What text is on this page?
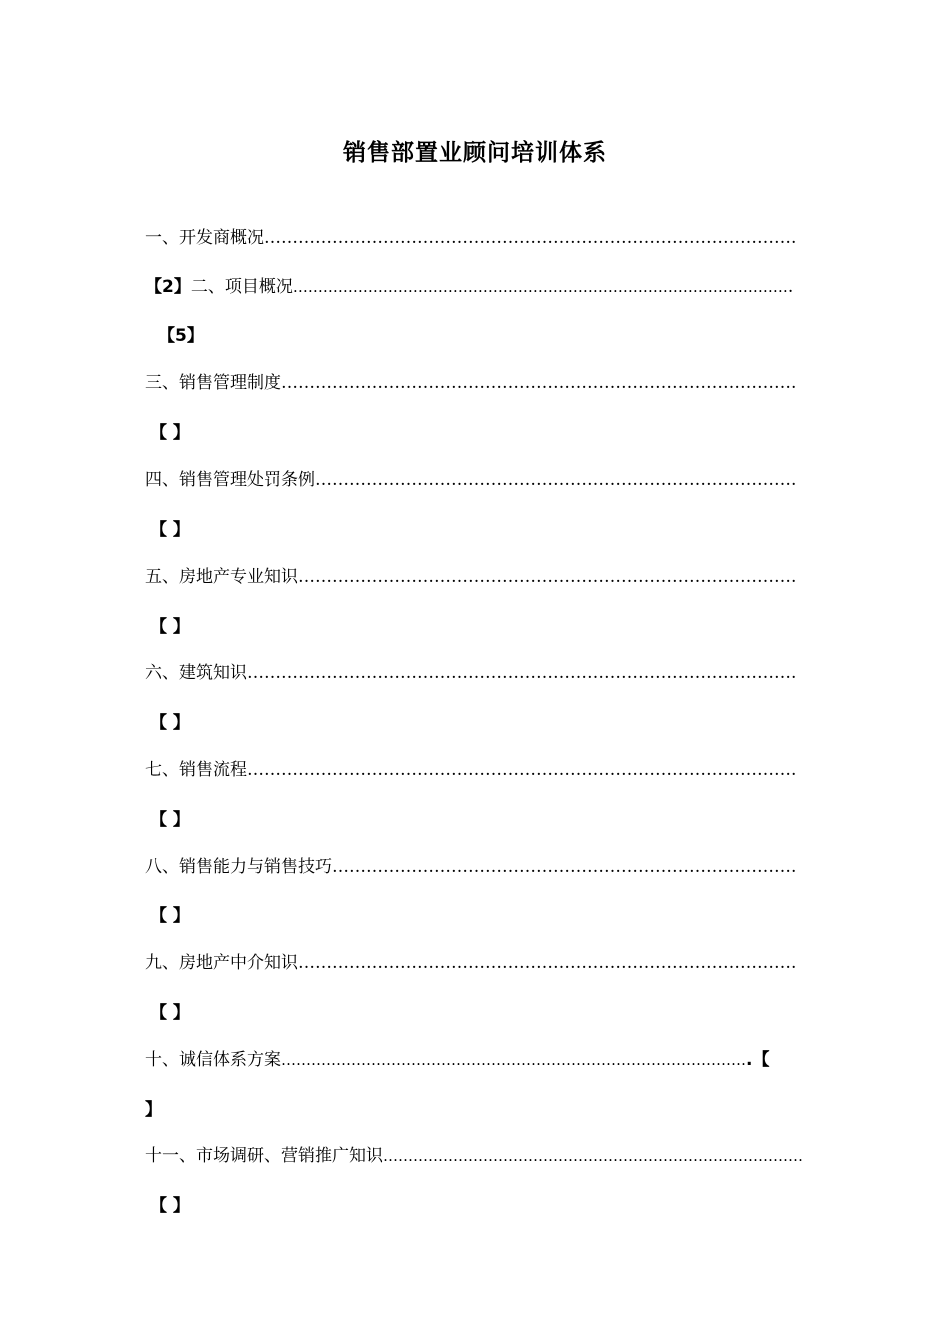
销售部置业顾问培训体系
一、开发商概况………………………………………………………………………………….
【2】二、项目概况……………………………………………………………………………………….
【5】
三、销售管理制度……………………………………………………………………………….
【 】
四、销售管理处罚条例………………………………………………………………………….
【 】
五、房地产专业知识…………………………………………………………………………….
【 】
六、建筑知识…………………………………………………………………………………….
【 】
七、销售流程…………………………………………………………………………………….
【 】
八、销售能力与销售技巧……………………………………………………………………….
【 】
九、房地产中介知识…………………………………………………………………………….
【 】
十、诚信体系方案………………………………………………………………………………….【
】
十一、市场调研、营销推广知识…………………………………………………………………………
【 】
